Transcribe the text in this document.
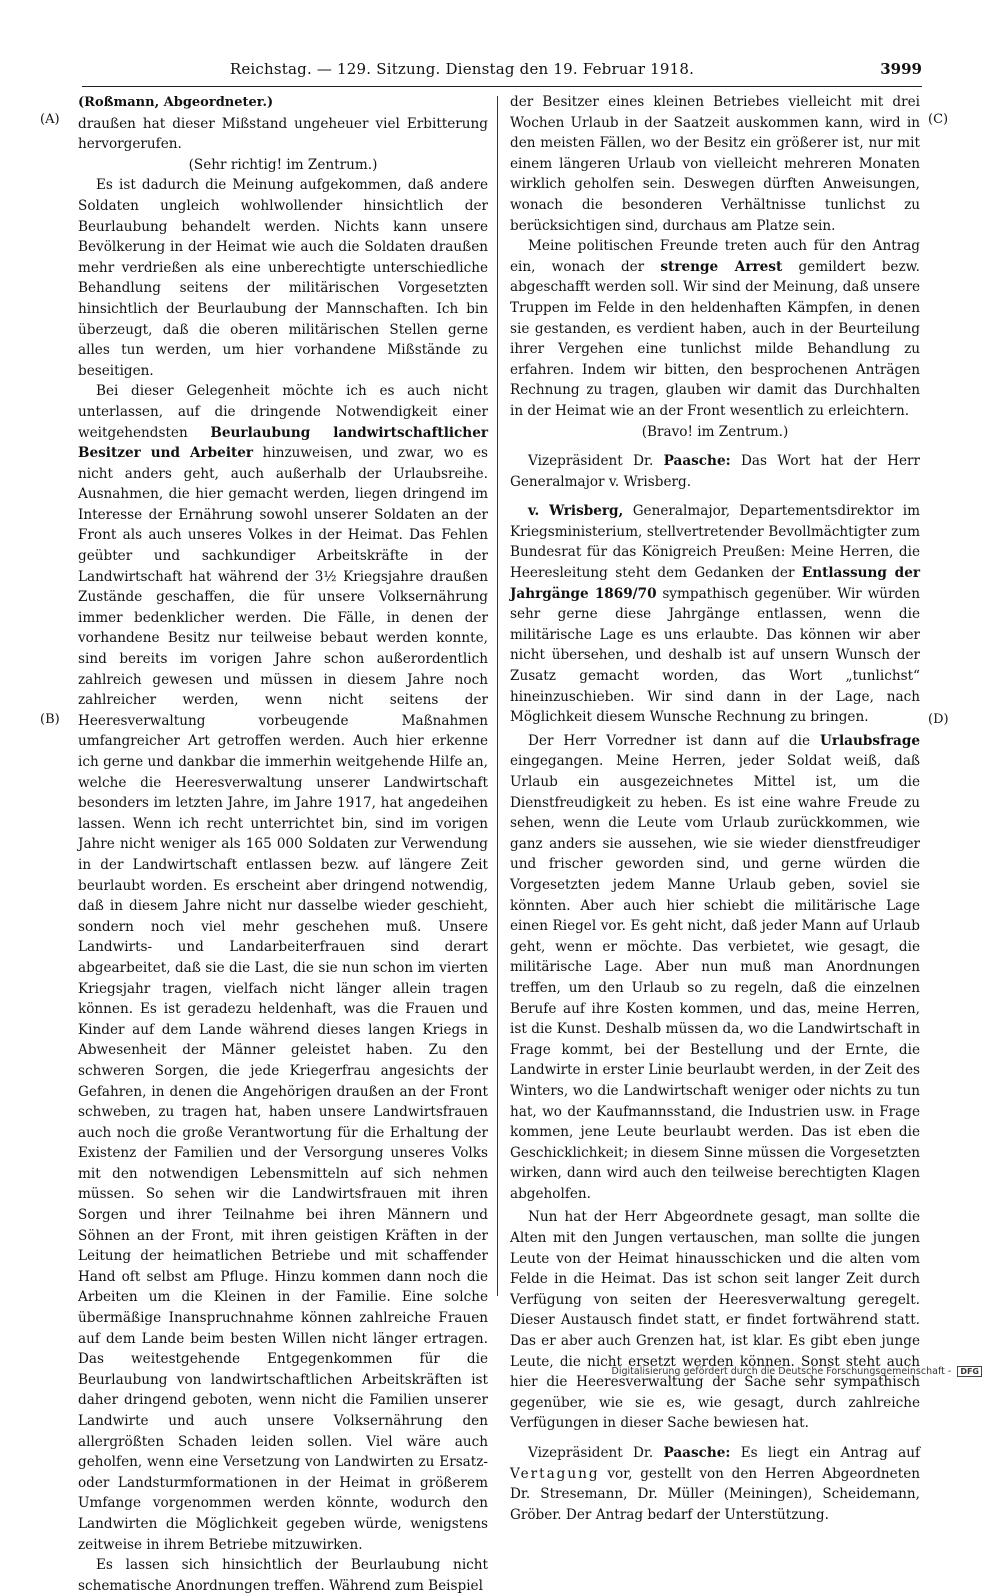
Reichstag. — 129. Sitzung. Dienstag den 19. Februar 1918.	3999
(A)
(B)
(C)
(D)

(Roßmann, Abgeordneter.)

draußen hat dieser Mißstand ungeheuer viel Erbitterung hervorgerufen.

(Sehr richtig! im Zentrum.)

Es ist dadurch die Meinung aufgekommen, daß andere Soldaten ungleich wohlwollender hinsichtlich der Beurlaubung behandelt werden. Nichts kann unsere Bevölkerung in der Heimat wie auch die Soldaten draußen mehr verdrießen als eine unberechtigte unterschiedliche Behandlung seitens der militärischen Vorgesetzten hinsichtlich der Beurlaubung der Mannschaften. Ich bin überzeugt, daß die oberen militärischen Stellen gerne alles tun werden, um hier vorhandene Mißstände zu beseitigen.

Bei dieser Gelegenheit möchte ich es auch nicht unterlassen, auf die dringende Notwendigkeit einer weitgehendsten Beurlaubung landwirtschaftlicher Besitzer und Arbeiter hinzuweisen, und zwar, wo es nicht anders geht, auch außerhalb der Urlaubsreihe. Ausnahmen, die hier gemacht werden, liegen dringend im Interesse der Ernährung sowohl unserer Soldaten an der Front als auch unseres Volkes in der Heimat. Das Fehlen geübter und sachkundiger Arbeitskräfte in der Landwirtschaft hat während der 3½ Kriegsjahre draußen Zustände geschaffen, die für unsere Volksernährung immer bedenklicher werden. Die Fälle, in denen der vorhandene Besitz nur teilweise bebaut werden konnte, sind bereits im vorigen Jahre schon außerordentlich zahlreich gewesen und müssen in diesem Jahre noch zahlreicher werden, wenn nicht seitens der Heeresverwaltung vorbeugende Maßnahmen umfangreicher Art getroffen werden. Auch hier erkenne ich gerne und dankbar die immerhin weitgehende Hilfe an, welche die Heeresverwaltung unserer Landwirtschaft besonders im letzten Jahre, im Jahre 1917, hat angedeihen lassen. Wenn ich recht unterrichtet bin, sind im vorigen Jahre nicht weniger als 165 000 Soldaten zur Verwendung in der Landwirtschaft entlassen bezw. auf längere Zeit beurlaubt worden. Es erscheint aber dringend notwendig, daß in diesem Jahre nicht nur dasselbe wieder geschieht, sondern noch viel mehr geschehen muß. Unsere Landwirts- und Landarbeiterfrauen sind derart abgearbeitet, daß sie die Last, die sie nun schon im vierten Kriegsjahr tragen, vielfach nicht länger allein tragen können. Es ist geradezu heldenhaft, was die Frauen und Kinder auf dem Lande während dieses langen Kriegs in Abwesenheit der Männer geleistet haben. Zu den schweren Sorgen, die jede Kriegerfrau angesichts der Gefahren, in denen die Angehörigen draußen an der Front schweben, zu tragen hat, haben unsere Landwirtsfrauen auch noch die große Verantwortung für die Erhaltung der Existenz der Familien und der Versorgung unseres Volks mit den notwendigen Lebensmitteln auf sich nehmen müssen. So sehen wir die Landwirtsfrauen mit ihren Sorgen und ihrer Teilnahme bei ihren Männern und Söhnen an der Front, mit ihren geistigen Kräften in der Leitung der heimatlichen Betriebe und mit schaffender Hand oft selbst am Pfluge. Hinzu kommen dann noch die Arbeiten um die Kleinen in der Familie. Eine solche übermäßige Inanspruchnahme können zahlreiche Frauen auf dem Lande beim besten Willen nicht länger ertragen. Das weitestgehende Entgegenkommen für die Beurlaubung von landwirtschaftlichen Arbeitskräften ist daher dringend geboten, wenn nicht die Familien unserer Landwirte und auch unsere Volksernährung den allergrößten Schaden leiden sollen. Viel wäre auch geholfen, wenn eine Versetzung von Landwirten zu Ersatz- oder Landsturmformationen in der Heimat in größerem Umfange vorgenommen werden könnte, wodurch den Landwirten die Möglichkeit gegeben würde, wenigstens zeitweise in ihrem Betriebe mitzuwirken.

Es lassen sich hinsichtlich der Beurlaubung nicht schematische Anordnungen treffen. Während zum Beispiel

der Besitzer eines kleinen Betriebes vielleicht mit drei Wochen Urlaub in der Saatzeit auskommen kann, wird in den meisten Fällen, wo der Besitz ein größerer ist, nur mit einem längeren Urlaub von vielleicht mehreren Monaten wirklich geholfen sein. Deswegen dürften Anweisungen, wonach die besonderen Verhältnisse tunlichst zu berücksichtigen sind, durchaus am Platze sein.

Meine politischen Freunde treten auch für den Antrag ein, wonach der strenge Arrest gemildert bezw. abgeschafft werden soll. Wir sind der Meinung, daß unsere Truppen im Felde in den heldenhaften Kämpfen, in denen sie gestanden, es verdient haben, auch in der Beurteilung ihrer Vergehen eine tunlichst milde Behandlung zu erfahren. Indem wir bitten, den besprochenen Anträgen Rechnung zu tragen, glauben wir damit das Durchhalten in der Heimat wie an der Front wesentlich zu erleichtern.

(Bravo! im Zentrum.)

Vizepräsident Dr. Paasche: Das Wort hat der Herr Generalmajor v. Wrisberg.

v. Wrisberg, Generalmajor, Departementsdirektor im Kriegsministerium, stellvertretender Bevollmächtigter zum Bundesrat für das Königreich Preußen: Meine Herren, die Heeresleitung steht dem Gedanken der Entlassung der Jahrgänge 1869/70 sympathisch gegenüber. Wir würden sehr gerne diese Jahrgänge entlassen, wenn die militärische Lage es uns erlaubte. Das können wir aber nicht übersehen, und deshalb ist auf unsern Wunsch der Zusatz gemacht worden, das Wort „tunlichst“ hineinzuschieben. Wir sind dann in der Lage, nach Möglichkeit diesem Wunsche Rechnung zu bringen.

Der Herr Vorredner ist dann auf die Urlaubsfrage eingegangen. Meine Herren, jeder Soldat weiß, daß Urlaub ein ausgezeichnetes Mittel ist, um die Dienstfreudigkeit zu heben. Es ist eine wahre Freude zu sehen, wenn die Leute vom Urlaub zurückkommen, wie ganz anders sie aussehen, wie sie wieder dienstfreudiger und frischer geworden sind, und gerne würden die Vorgesetzten jedem Manne Urlaub geben, soviel sie könnten. Aber auch hier schiebt die militärische Lage einen Riegel vor. Es geht nicht, daß jeder Mann auf Urlaub geht, wenn er möchte. Das verbietet, wie gesagt, die militärische Lage. Aber nun muß man Anordnungen treffen, um den Urlaub so zu regeln, daß die einzelnen Berufe auf ihre Kosten kommen, und das, meine Herren, ist die Kunst. Deshalb müssen da, wo die Landwirtschaft in Frage kommt, bei der Bestellung und der Ernte, die Landwirte in erster Linie beurlaubt werden, in der Zeit des Winters, wo die Landwirtschaft weniger oder nichts zu tun hat, wo der Kaufmannsstand, die Industrien usw. in Frage kommen, jene Leute beurlaubt werden. Das ist eben die Geschicklichkeit; in diesem Sinne müssen die Vorgesetzten wirken, dann wird auch den teilweise berechtigten Klagen abgeholfen.

Nun hat der Herr Abgeordnete gesagt, man sollte die Alten mit den Jungen vertauschen, man sollte die jungen Leute von der Heimat hinausschicken und die alten vom Felde in die Heimat. Das ist schon seit langer Zeit durch Verfügung von seiten der Heeresverwaltung geregelt. Dieser Austausch findet statt, er findet fortwährend statt. Das er aber auch Grenzen hat, ist klar. Es gibt eben junge Leute, die nicht ersetzt werden können. Sonst steht auch hier die Heeresverwaltung der Sache sehr sympathisch gegenüber, wie sie es, wie gesagt, durch zahlreiche Verfügungen in dieser Sache bewiesen hat.

Vizepräsident Dr. Paasche: Es liegt ein Antrag auf Vertagung vor, gestellt von den Herren Abgeordneten Dr. Stresemann, Dr. Müller (Meiningen), Scheidemann, Gröber. Der Antrag bedarf der Unterstützung.

Digitalisierung gefördert durch die Deutsche Forschungsgemeinschaft - DFG
